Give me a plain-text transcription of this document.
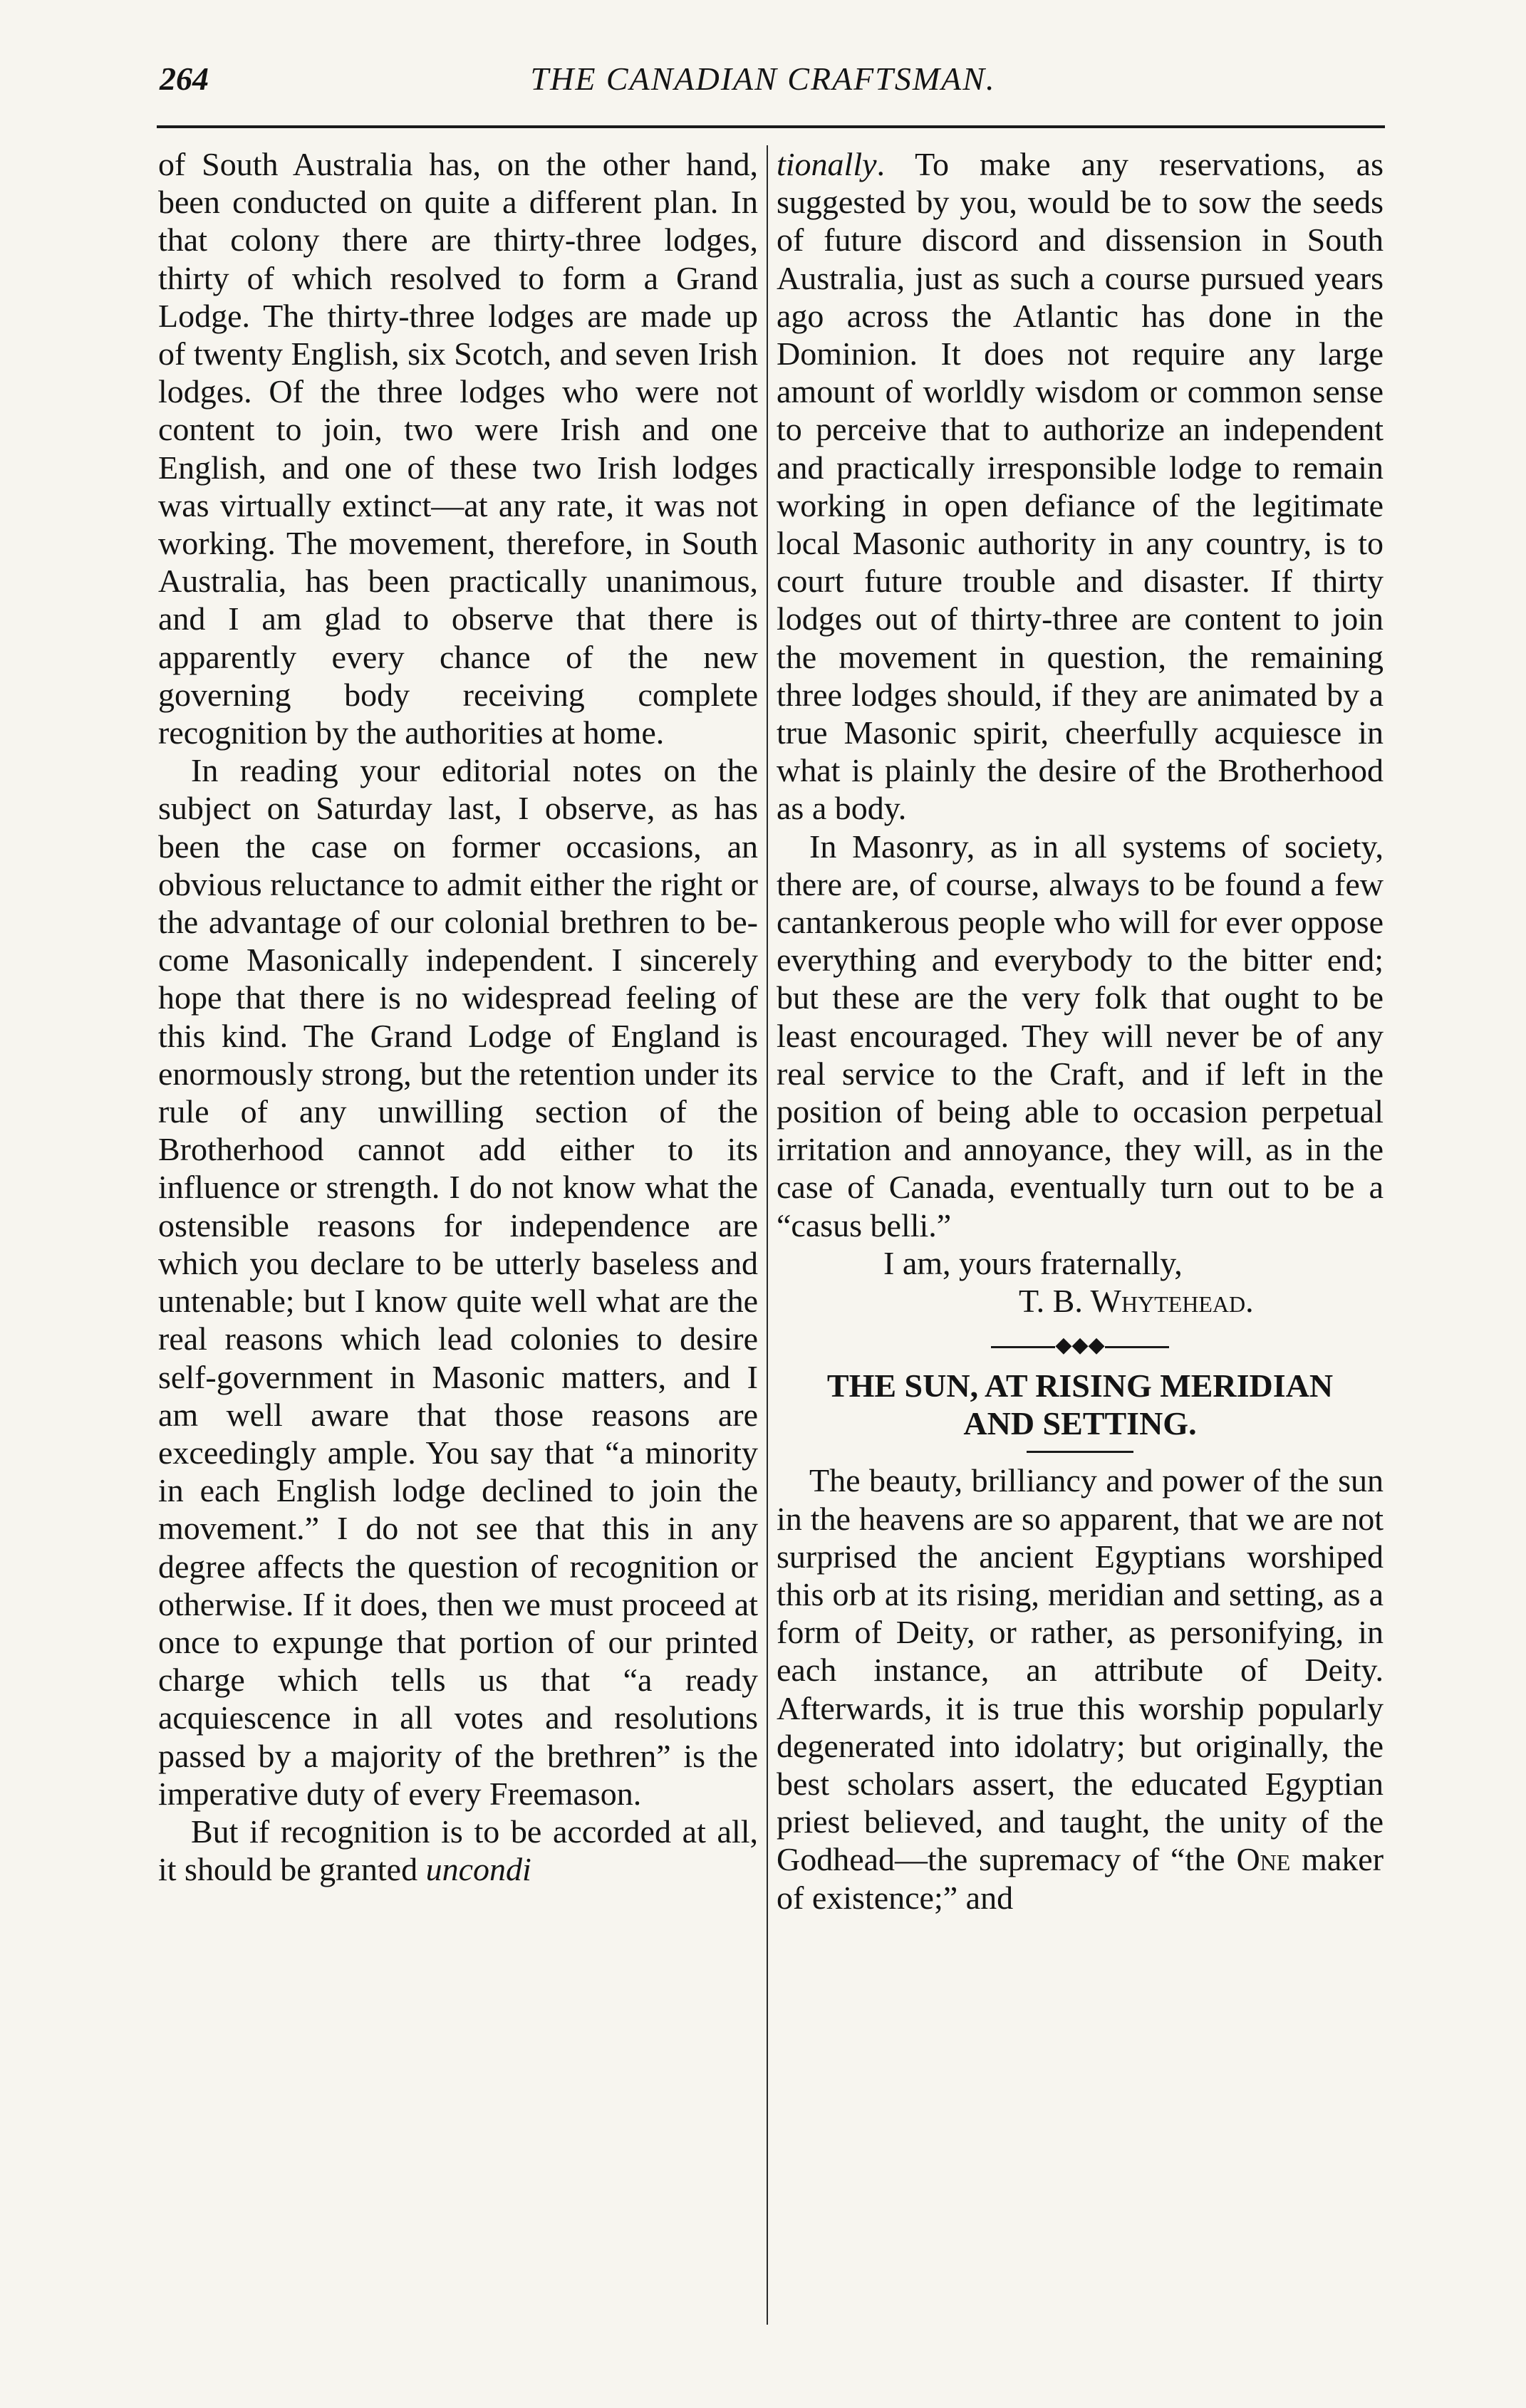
264	THE CANADIAN CRAFTSMAN.

of South Australia has, on the other hand, been conducted on quite a different plan. In that colony there are thirty-three lodges, thirty of which resolved to form a Grand Lodge. The thirty-three lodges are made up of twenty English, six Scotch, and seven Irish lodges. Of the three lodges who were not content to join, two were Irish and one English, and one of these two Irish lodges was virtually extinct—at any rate, it was not working. The movement, therefore, in South Australia, has been practically unanimous, and I am glad to observe that there is apparently every chance of the new governing body receiving complete recognition by the authorities at home.

In reading your editorial notes on the subject on Saturday last, I observe, as has been the case on former occasions, an obvious reluctance to admit either the right or the advantage of our colonial brethren to become Masonically independent. I sincerely hope that there is no widespread feeling of this kind. The Grand Lodge of England is enormously strong, but the retention under its rule of any unwilling section of the Brotherhood cannot add either to its influence or strength. I do not know what the ostensible reasons for independence are which you declare to be utterly baseless and untenable; but I know quite well what are the real reasons which lead colonies to desire self-government in Masonic matters, and I am well aware that those reasons are exceedingly ample. You say that “a minority in each English lodge declined to join the movement.” I do not see that this in any degree affects the question of recognition or otherwise. If it does, then we must proceed at once to expunge that portion of our printed charge which tells us that “a ready acquiescence in all votes and resolutions passed by a majority of the brethren” is the imperative duty of every Freemason.

But if recognition is to be accorded at all, it should be granted uncondi

tionally. To make any reservations, as suggested by you, would be to sow the seeds of future discord and dissension in South Australia, just as such a course pursued years ago across the Atlantic has done in the Dominion. It does not require any large amount of worldly wisdom or common sense to perceive that to authorize an independent and practically irresponsible lodge to remain working in open defiance of the legitimate local Masonic authority in any country, is to court future trouble and disaster. If thirty lodges out of thirty-three are content to join the movement in question, the remaining three lodges should, if they are animated by a true Masonic spirit, cheerfully acquiesce in what is plainly the desire of the Brotherhood as a body.

In Masonry, as in all systems of society, there are, of course, always to be found a few cantankerous people who will for ever oppose everything and everybody to the bitter end; but these are the very folk that ought to be least encouraged. They will never be of any real service to the Craft, and if left in the position of being able to occasion perpetual irritation and annoyance, they will, as in the case of Canada, eventually turn out to be a “casus belli.”

I am, yours fraternally,

T. B. Whytehead.

◆◆◆

THE SUN, AT RISING MERIDIAN

AND SETTING.

The beauty, brilliancy and power of the sun in the heavens are so apparent, that we are not surprised the ancient Egyptians worshiped this orb at its rising, meridian and setting, as a form of Deity, or rather, as personifying, in each instance, an attribute of Deity. Afterwards, it is true this worship popularly degenerated into idolatry; but originally, the best scholars assert, the educated Egyptian priest believed, and taught, the unity of the Godhead—the supremacy of “the One maker of existence;” and
